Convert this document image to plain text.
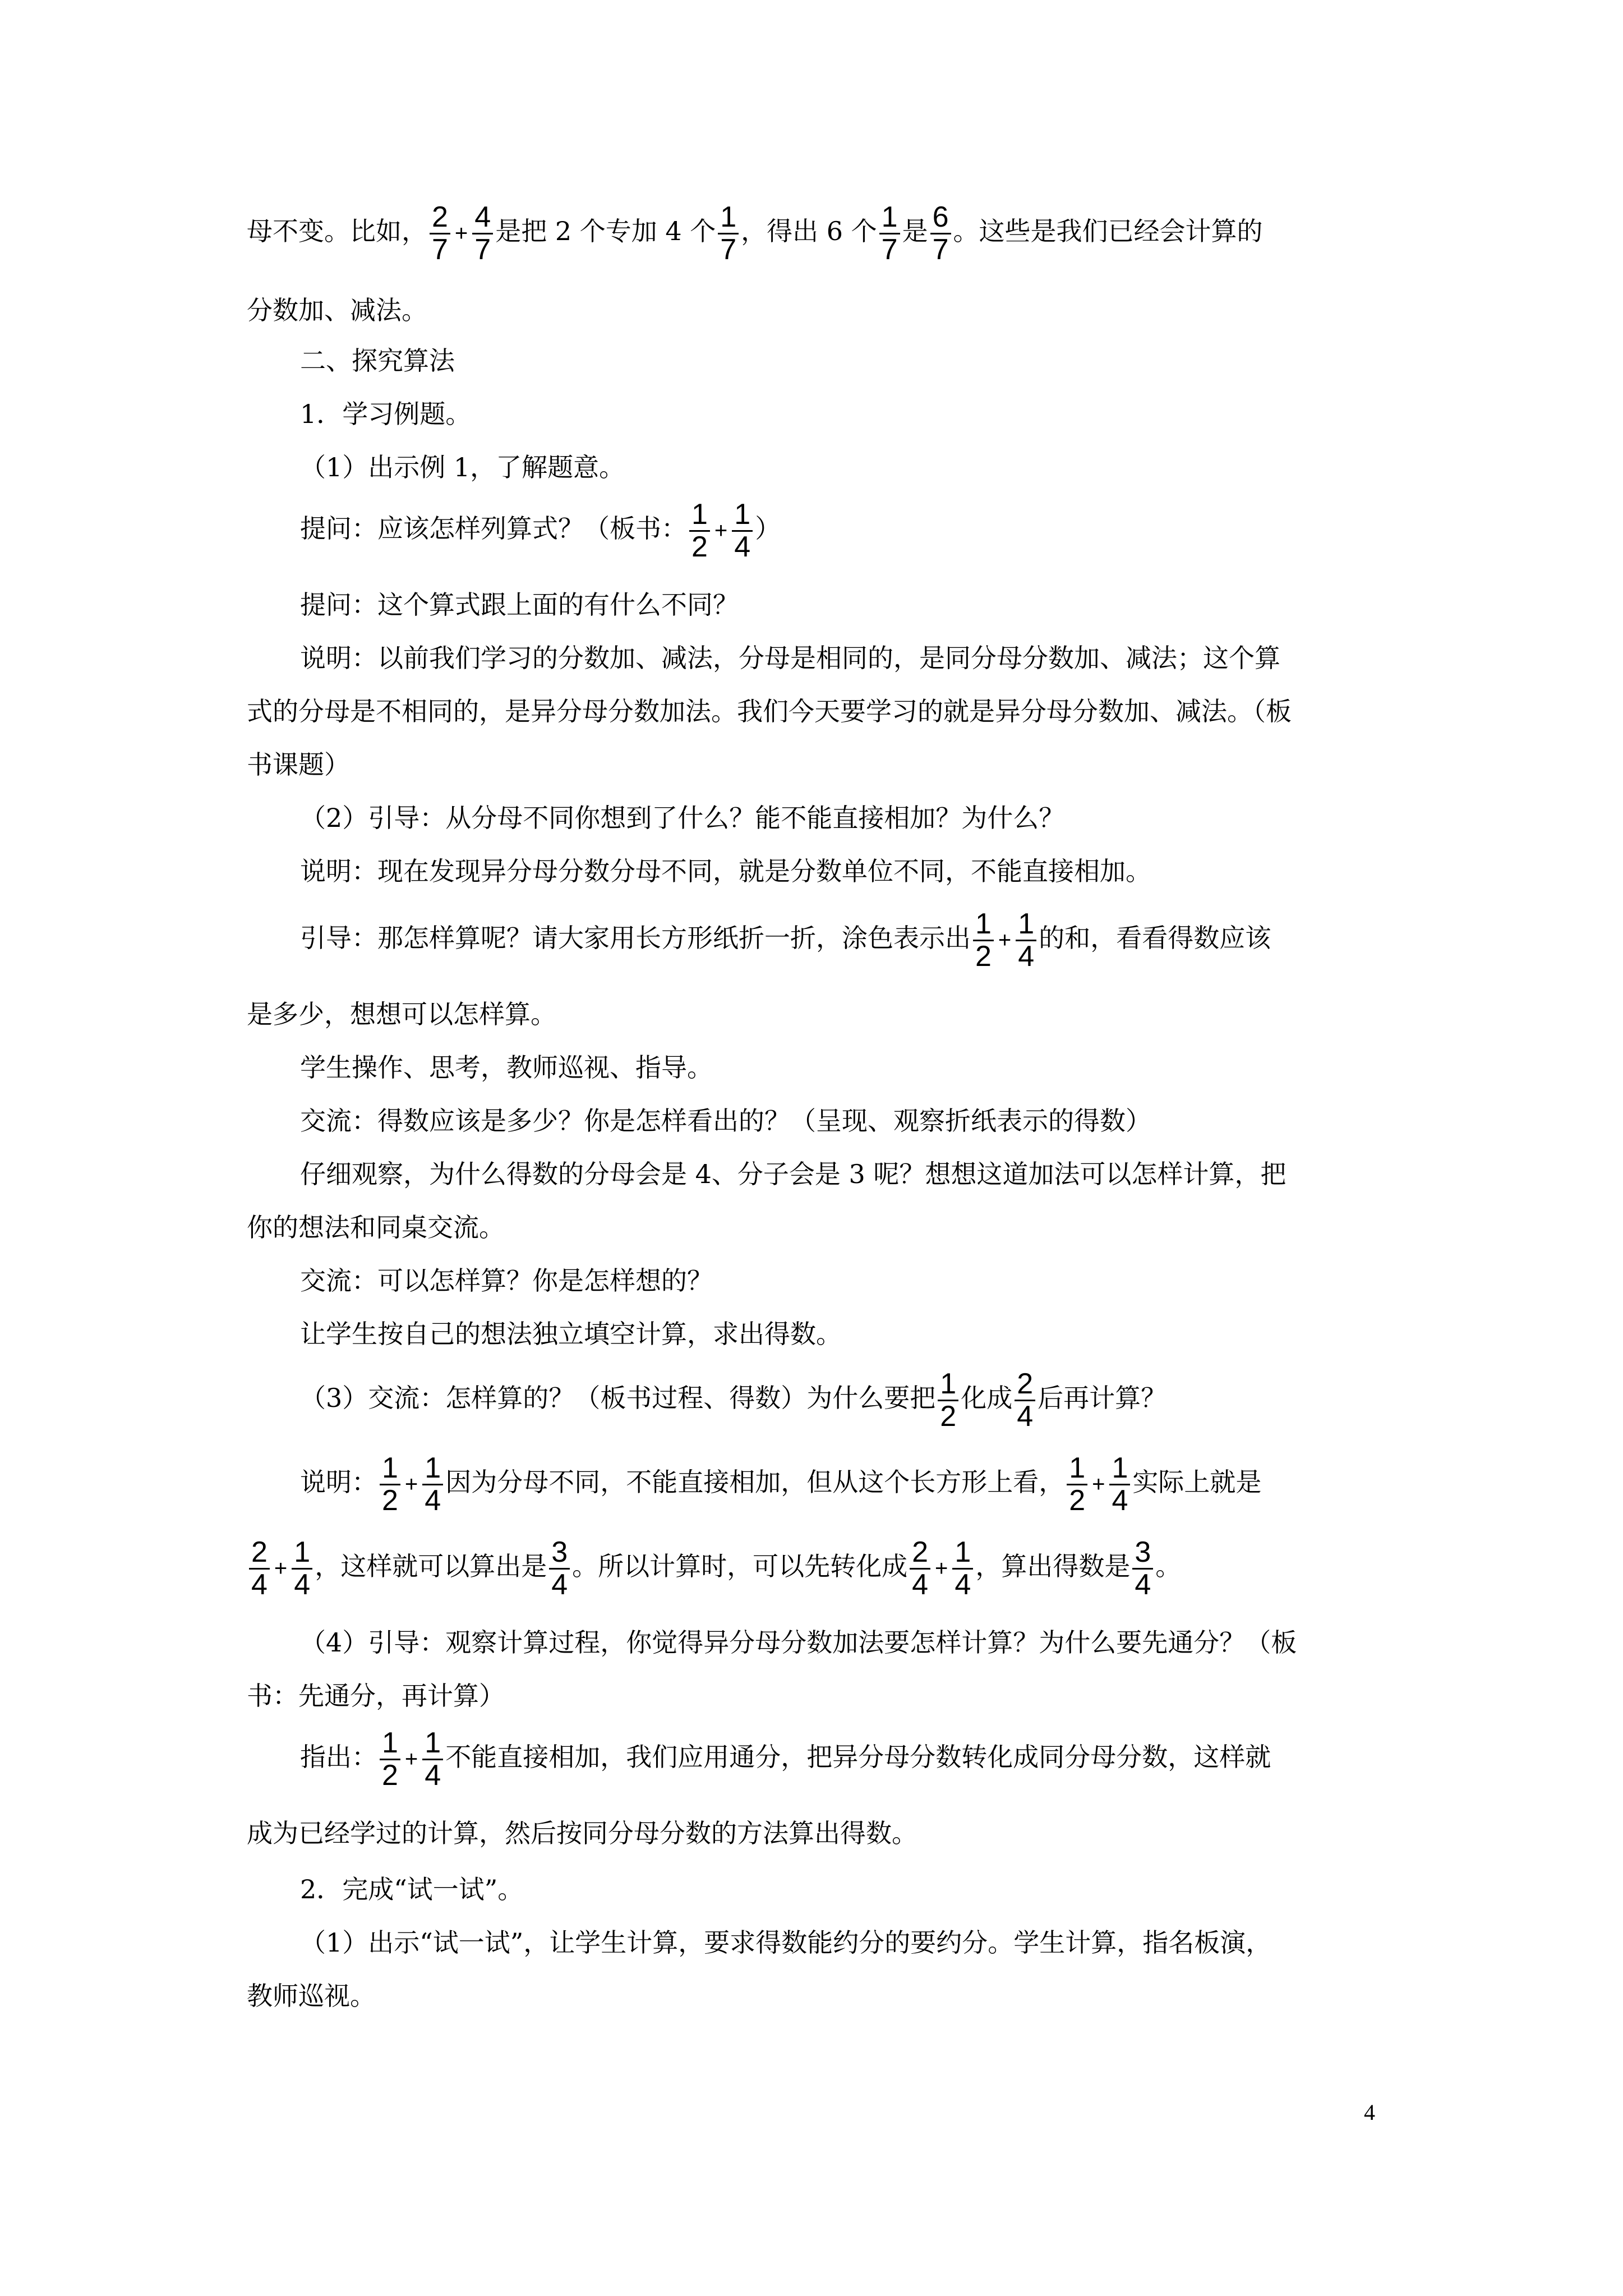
母不变。比如， $\frac{2}{7} + \frac{4}{7}$ 是把 2 个专加 4 个 $\frac{1}{7}$ ，得出 6 个 $\frac{1}{7}$ 是 $\frac{6}{7}$ 。这些是我们已经会计算的
分数加、减法。
二、探究算法
1．学习例题。
（1）出示例 1，了解题意。
提问：应该怎样列算式？（板书： $\frac{1}{2} + \frac{1}{4}$ ）
提问：这个算式跟上面的有什么不同？
说明：以前我们学习的分数加、减法，分母是相同的，是同分母分数加、减法；这个算
式的分母是不相同的，是异分母分数加法。我们今天要学习的就是异分母分数加、减法。（板
书课题）
（2）引导：从分母不同你想到了什么？能不能直接相加？为什么？
说明：现在发现异分母分数分母不同，就是分数单位不同，不能直接相加。
引导：那怎样算呢？请大家用长方形纸折一折，涂色表示出 $\frac{1}{2} + \frac{1}{4}$ 的和，看看得数应该
是多少，想想可以怎样算。
学生操作、思考，教师巡视、指导。
交流：得数应该是多少？你是怎样看出的？（呈现、观察折纸表示的得数）
仔细观察，为什么得数的分母会是 4、分子会是 3 呢？想想这道加法可以怎样计算，把
你的想法和同桌交流。
交流：可以怎样算？你是怎样想的？
让学生按自己的想法独立填空计算，求出得数。
（3）交流：怎样算的？（板书过程、得数）为什么要把 $\frac{1}{2}$ 化成 $\frac{2}{4}$ 后再计算？
说明： $\frac{1}{2} + \frac{1}{4}$ 因为分母不同，不能直接相加，但从这个长方形上看， $\frac{1}{2} + \frac{1}{4}$ 实际上就是
$\frac{2}{4} + \frac{1}{4}$ ，这样就可以算出是 $\frac{3}{4}$ 。所以计算时，可以先转化成 $\frac{2}{4} + \frac{1}{4}$ ，算出得数是 $\frac{3}{4}$ 。
（4）引导：观察计算过程，你觉得异分母分数加法要怎样计算？为什么要先通分？（板
书：先通分，再计算）
指出： $\frac{1}{2} + \frac{1}{4}$ 不能直接相加，我们应用通分，把异分母分数转化成同分母分数，这样就
成为已经学过的计算，然后按同分母分数的方法算出得数。
2．完成“试一试”。
（1）出示“试一试”，让学生计算，要求得数能约分的要约分。学生计算，指名板演，
教师巡视。
4
